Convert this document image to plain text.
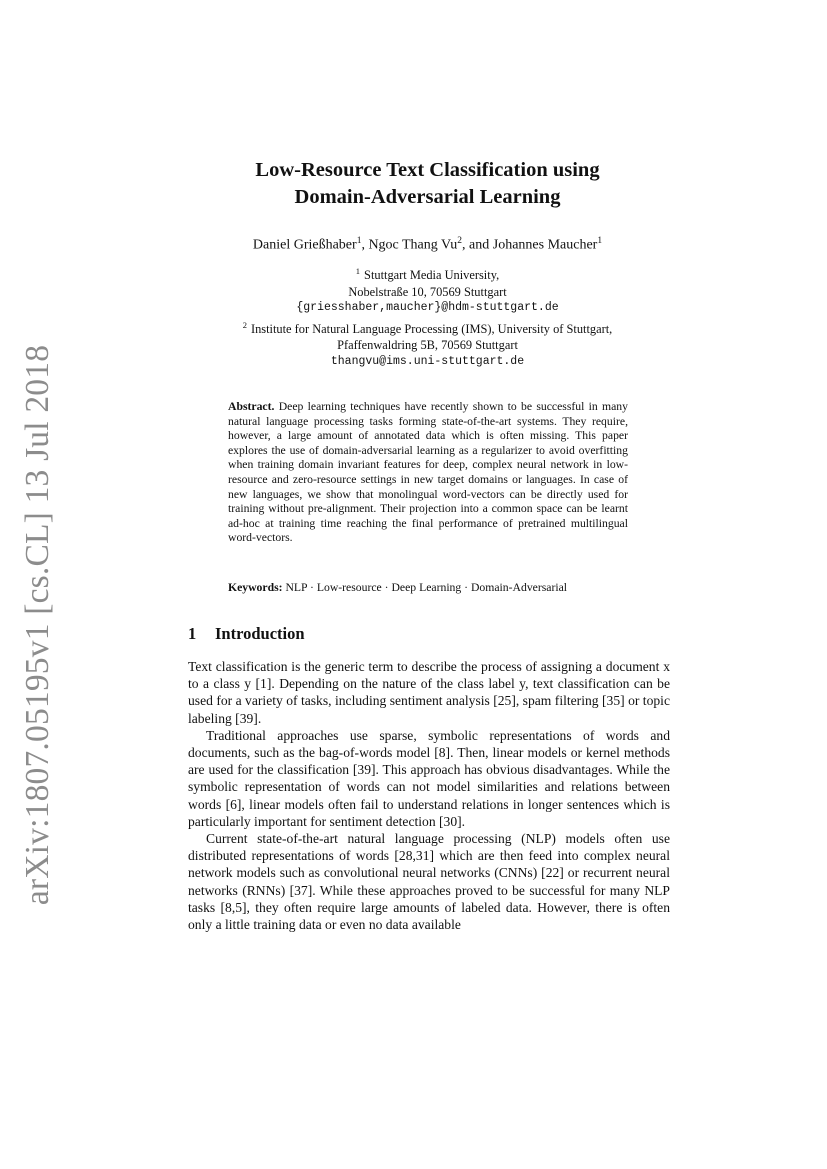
arXiv:1807.05195v1 [cs.CL] 13 Jul 2018
Low-Resource Text Classification using
Domain-Adversarial Learning
Daniel Grießhaber$^1$, Ngoc Thang Vu$^2$, and Johannes Maucher$^1$
$^1$ Stuttgart Media University,
Nobelstraße 10, 70569 Stuttgart
{griesshaber,maucher}@hdm-stuttgart.de
$^2$ Institute for Natural Language Processing (IMS), University of Stuttgart,
Pfaffenwaldring 5B, 70569 Stuttgart
thangvu@ims.uni-stuttgart.de
Abstract. Deep learning techniques have recently shown to be successful in many natural language processing tasks forming state-of-the-art systems. They require, however, a large amount of annotated data which is often missing. This paper explores the use of domain-adversarial learning as a regularizer to avoid overfitting when training domain invariant features for deep, complex neural network in low-resource and zero-resource settings in new target domains or languages. In case of new languages, we show that monolingual word-vectors can be directly used for training without pre-alignment. Their projection into a common space can be learnt ad-hoc at training time reaching the final performance of pretrained multilingual word-vectors.
Keywords: NLP · Low-resource · Deep Learning · Domain-Adversarial
1 Introduction

Text classification is the generic term to describe the process of assigning a document x to a class y [1]. Depending on the nature of the class label y, text classification can be used for a variety of tasks, including sentiment analysis [25], spam filtering [35] or topic labeling [39].

Traditional approaches use sparse, symbolic representations of words and documents, such as the bag-of-words model [8]. Then, linear models or kernel methods are used for the classification [39]. This approach has obvious disadvantages. While the symbolic representation of words can not model similarities and relations between words [6], linear models often fail to understand relations in longer sentences which is particularly important for sentiment detection [30].

Current state-of-the-art natural language processing (NLP) models often use distributed representations of words [28,31] which are then feed into complex neural network models such as convolutional neural networks (CNNs) [22] or recurrent neural networks (RNNs) [37]. While these approaches proved to be successful for many NLP tasks [8,5], they often require large amounts of labeled data. However, there is often only a little training data or even no data available
